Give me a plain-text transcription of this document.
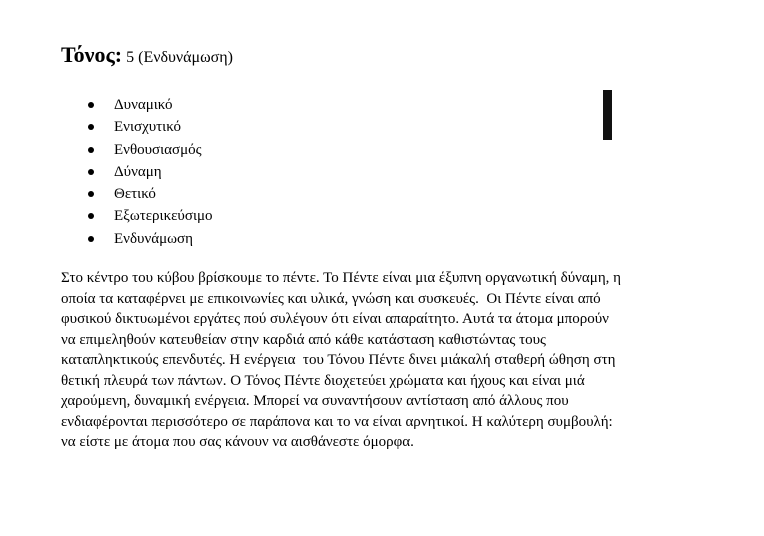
Τόνος: 5 (Ενδυνάμωση)
Δυναμικό
Ενισχυτικό
Ενθουσιασμός
Δύναμη
Θετικό
Εξωτερικεύσιμο
Ενδυνάμωση

Στο κέντρο του κύβου βρίσκουμε το πέντε. Το Πέντε είναι μια έξυπνη οργανωτική δύναμη, η
οποία τα καταφέρνει με επικοινωνίες και υλικά, γνώση και συσκευές.  Οι Πέντε είναι από
φυσικού δικτυωμένοι εργάτες πού συλέγουν ότι είναι απαραίτητο. Αυτά τα άτομα μπορούν
να επιμεληθούν κατευθείαν στην καρδιά από κάθε κατάσταση καθιστώντας τους
καταπληκτικούς επενδυτές. Η ενέργεια  του Τόνου Πέντε δινει μιάκαλή σταθερή ώθηση στη
θετική πλευρά των πάντων. Ο Τόνος Πέντε διοχετεύει χρώματα και ήχους και είναι μιά
χαρούμενη, δυναμική ενέργεια. Μπορεί να συναντήσουν αντίσταση από άλλους που
ενδιαφέρονται περισσότερο σε παράπονα και το να είναι αρνητικοί. Η καλύτερη συμβουλή:
να είστε με άτομα που σας κάνουν να αισθάνεστε όμορφα.
